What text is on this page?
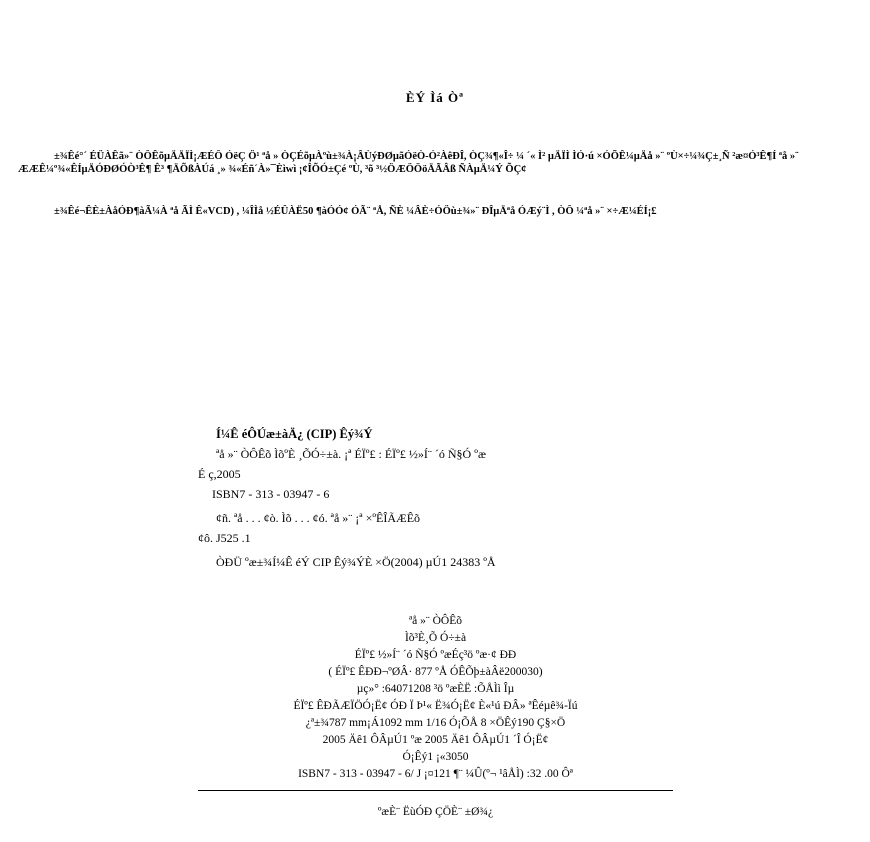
ÈÝ Ìá Òª
±¾Êé°´ ÉÜÀÊã»¨ ÒÔÊõµÄÄÏÌ¡ÆÉÔ ÓëÇ Ö¹ ªå » ÒÇÉõµÀºù±¾À¡ÂÙýÐØµãÓëÒ-Ó²ÀêÐÎ, ÒÇ¾¶«Î÷ ¼ ´« Ì² µÄÏÌ ÌÓ·ú ×ÓÕÊ¼µÄå »¨ ºÙ×÷¼¾Ç±¸Ñ ²æ¤Ó³Ê¶Í ªå »¨ ÆÆÊ¼º¾«ÊÍµÄÓÐØÓÒ³Ê¶ Ê³ ¶ÄÕßÀÚá ¸» ¾«Éñ´À»¯Èìwì ¡¢ÎÕÓ±Çé ºÙ, ³õ ³½ÖÆÖÖöÄÃÂß ÑÀµÄ¼Ý ÕÇ¢
±¾Êé¬ÊÈ±ÀåÓÐ¶àÃ¼À ªå ÃÌ Ê«VCD) , ¼ÎÌå ½ÉÛÀË50 ¶àÓÓ¢ ÓÃ¨ ªÅ, ÑÈ ¼ÂÈ÷ÓÖù±¾»¨ ÐÎµÄªå ÓÆý¨Ì , ÒÔ ¼ªå »¨ ×÷Æ¼ÉÍ¡£
Í¼Ê éÔÚæ±àÄ¿ (CIP) Êý¾Ý
ªå »¨ ÒÔÊõ ÌõºÈ ¸ÕÓ÷±à. ¡ª ÉÏº£ : ÉÏº£ ½»Í¨ ´ó Ñ§Ó ºæ
É ç,2005
ISBN7 - 313 - 03947 - 6
¢ñ. ªå . . . ¢ò. Ìõ . . . ¢ó. ªå »¨ ¡ª ×ºÊÎÃÆÊõ
¢ô. J525 .1
ÒÐÜ ºæ±¾Í¼Ê éÝ CIP Êý¾ÝÈ ×Ö(2004) µÚ1 24383 ºÅ
ªå »¨ ÒÔÊõ
Ìõ³È¸Õ Ó÷±à
ÉÏº£ ½»Í¨ ´ó Ñ§Ó ºæÉç³ö ºæ·¢ ÐÐ
( ÉÏº£ ÊÐÐ¬ºØÂ· 877 ºÅ ÓÊÕþ±àÂë200030)
µç»° :64071208 ³ö ºæÈË :ÕÅÌì Îµ
ÉÏº£ ÊÐÃÆÏÖÓ¡Ë¢ ÓÐ Ï Þ¹« Ë¾Ó¡Ë¢ È«¹ú ÐÂ» ªÊéµê¾-Ïú
¿ª±¾787 mm¡Á1092 mm 1/16 Ó¡ÕÅ 8 ×ÖÊý190 Ç§×Ö
2005 Äê1 ÔÂµÚ1 ºæ 2005 Äê1 ÔÂµÚ1 ´Î Ó¡Ë¢
Ó¡Êý1 ¡«3050
ISBN7 - 313 - 03947 - 6/ J ¡¤121 ¶¨ ¼Û(º¬ ¹âÅÌ) :32 .00 Ôª
ºæÈ¨ ËùÓÐ ÇÖÈ¨ ±Ø¾¿
